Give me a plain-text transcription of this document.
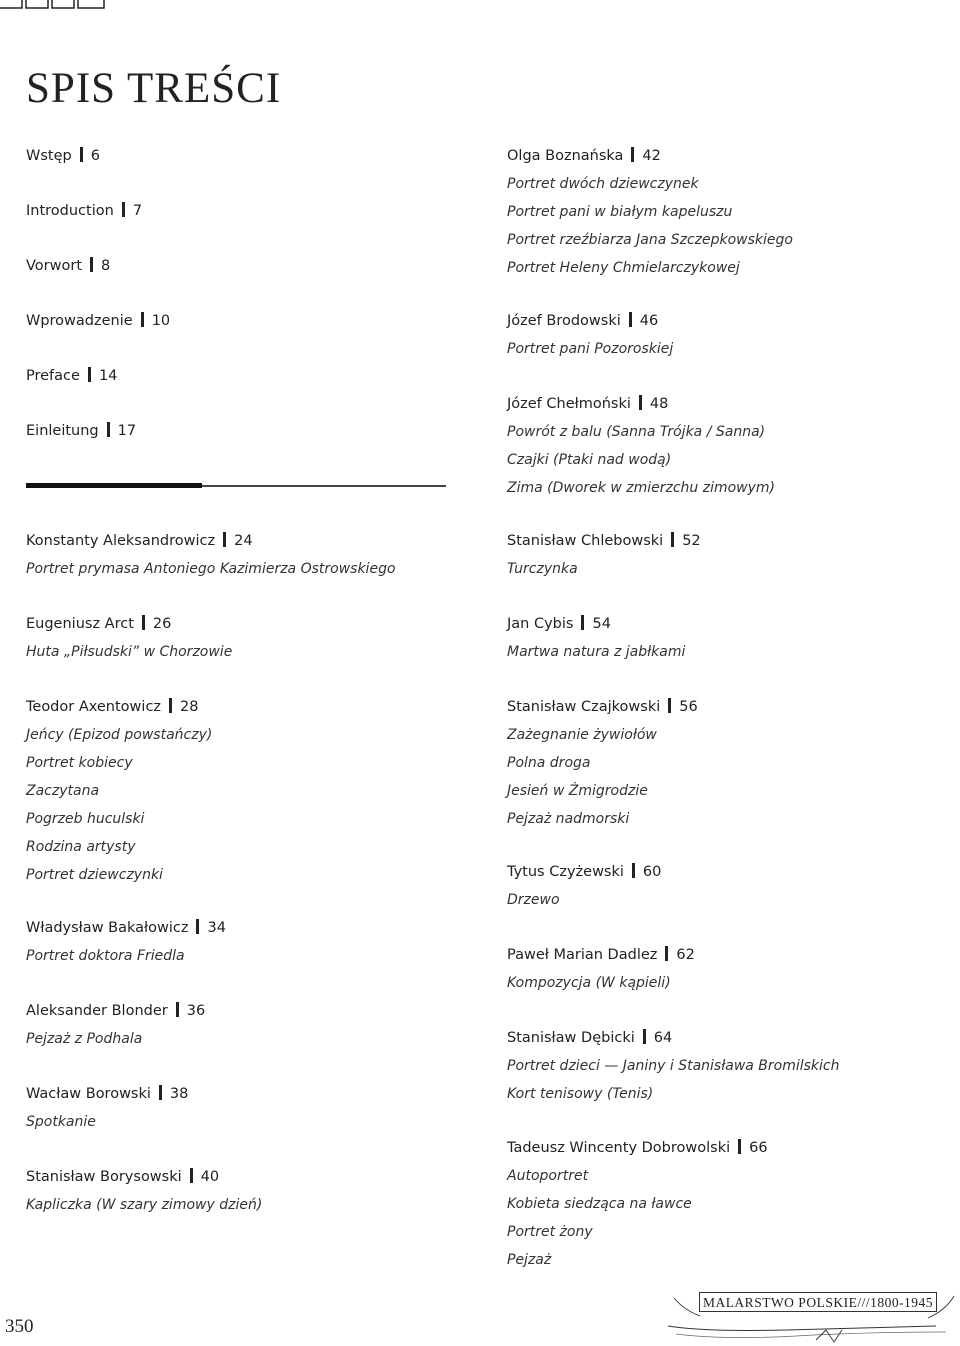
SPIS TREŚCI
Wstęp 6
Introduction 7
Vorwort 8
Wprowadzenie 10
Preface 14
Einleitung 17
Konstanty Aleksandrowicz 24
Portret prymasa Antoniego Kazimierza Ostrowskiego
Eugeniusz Arct 26
Huta „Piłsudski” w Chorzowie
Teodor Axentowicz 28
Jeńcy (Epizod powstańczy)
Portret kobiecy
Zaczytana
Pogrzeb huculski
Rodzina artysty
Portret dziewczynki
Władysław Bakałowicz 34
Portret doktora Friedla
Aleksander Blonder 36
Pejzaż z Podhala
Wacław Borowski 38
Spotkanie
Stanisław Borysowski 40
Kapliczka (W szary zimowy dzień)
Olga Boznańska 42
Portret dwóch dziewczynek
Portret pani w białym kapeluszu
Portret rzeźbiarza Jana Szczepkowskiego
Portret Heleny Chmielarczykowej
Józef Brodowski 46
Portret pani Pozoroskiej
Józef Chełmoński 48
Powrót z balu (Sanna Trójka / Sanna)
Czajki (Ptaki nad wodą)
Zima (Dworek w zmierzchu zimowym)
Stanisław Chlebowski 52
Turczynka
Jan Cybis 54
Martwa natura z jabłkami
Stanisław Czajkowski 56
Zażegnanie żywiołów
Polna droga
Jesień w Żmigrodzie
Pejzaż nadmorski
Tytus Czyżewski 60
Drzewo
Paweł Marian Dadlez 62
Kompozycja (W kąpieli)
Stanisław Dębicki 64
Portret dzieci — Janiny i Stanisława Bromilskich
Kort tenisowy (Tenis)
Tadeusz Wincenty Dobrowolski 66
Autoportret
Kobieta siedząca na ławce
Portret żony
Pejzaż
350
MALARSTWO POLSKIE///1800-1945
